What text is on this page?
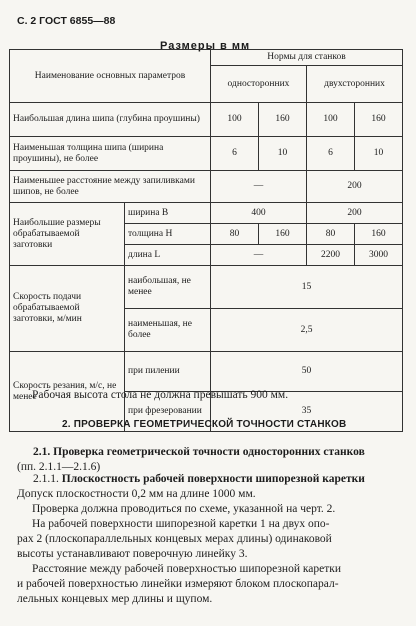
С. 2 ГОСТ 6855—88
Размеры в мм
Наименование основных параметров		Нормы для станков			
		односторонних		двухсторонних	
Наибольшая длина шипа (глубина проушины)		100	160	100	160
Наименьшая толщина шипа (ширина проушины), не более		6	10	6	10
Наименьшее расстояние между запиливками шипов, не более		—		200	
Наибольшие размеры обрабатываемой заготовки	ширина B	400		200	
	толщина H	80	160	80	160
	длина L	—		2200	3000
Скорость подачи обрабатываемой заготовки, м/мин	наибольшая, не менее	15			
	наименьшая, не более	2,5			
Скорость резания, м/с, не менее	при пилении	50			
	при фрезеровании	35			
Рабочая высота стола не должна превышать 900 мм.
2. ПРОВЕРКА ГЕОМЕТРИЧЕСКОЙ ТОЧНОСТИ СТАНКОВ
2.1. Проверка геометрической точности односторонних станков
(пп. 2.1.1—2.1.6)
2.1.1. Плоскостность рабочей поверхности шипорезной каретки
Допуск плоскостности 0,2 мм на длине 1000 мм.
Проверка должна проводиться по схеме, указанной на черт. 2.
На рабочей поверхности шипорезной каретки 1 на двух опо-
рах 2 (плоскопараллельных концевых мерах длины) одинаковой
высоты устанавливают поверочную линейку 3.
Расстояние между рабочей поверхностью шипорезной каретки
и рабочей поверхностью линейки измеряют блоком плоскопарал-
лельных концевых мер длины и щупом.
